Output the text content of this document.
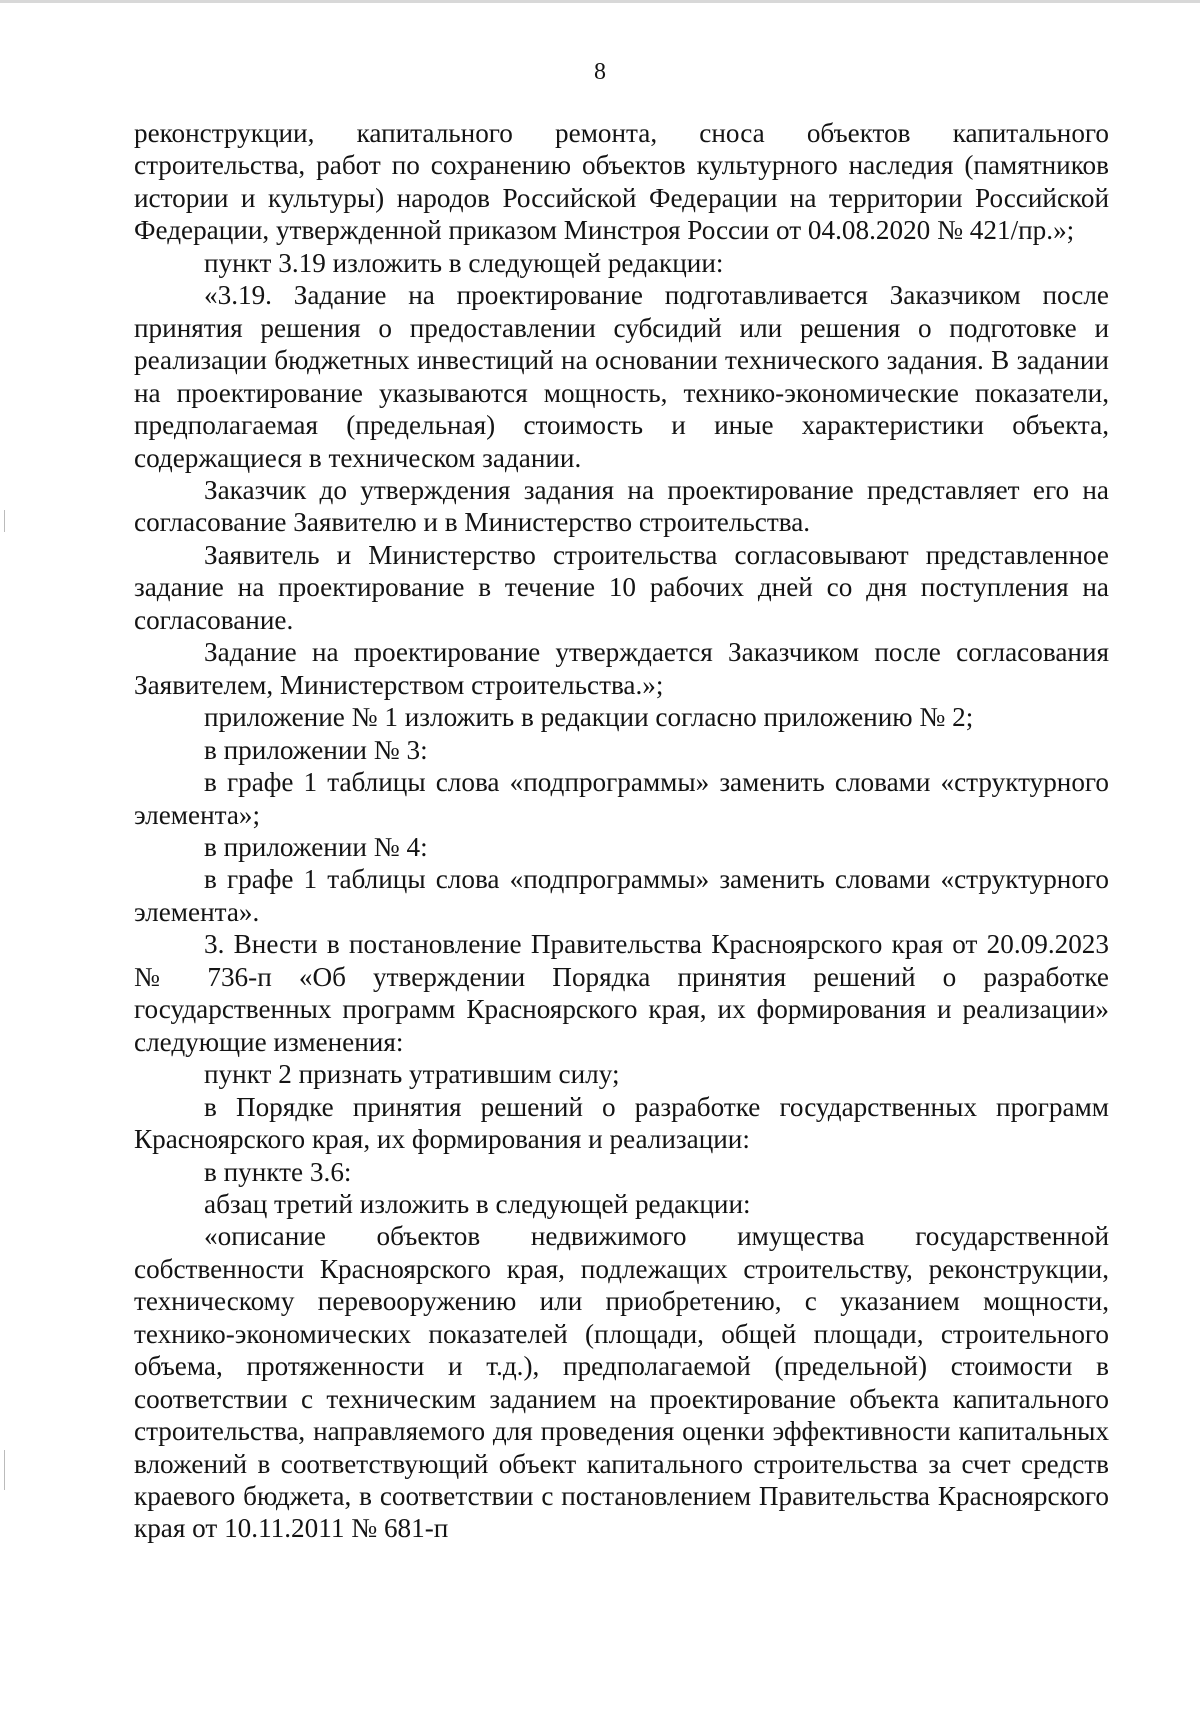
8

реконструкции, капитального ремонта, сноса объектов капитального строительства, работ по сохранению объектов культурного наследия (памятников истории и культуры) народов Российской Федерации на территории Российской Федерации, утвержденной приказом Минстроя России от 04.08.2020 № 421/пр.»;

пункт 3.19 изложить в следующей редакции:

«3.19. Задание на проектирование подготавливается Заказчиком после принятия решения о предоставлении субсидий или решения о подготовке и реализации бюджетных инвестиций на основании технического задания. В задании на проектирование указываются мощность, технико-экономические показатели, предполагаемая (предельная) стоимость и иные характеристики объекта, содержащиеся в техническом задании.

Заказчик до утверждения задания на проектирование представляет его на согласование Заявителю и в Министерство строительства.

Заявитель и Министерство строительства согласовывают представленное задание на проектирование в течение 10 рабочих дней со дня поступления на согласование.

Задание на проектирование утверждается Заказчиком после согласования Заявителем, Министерством строительства.»;

приложение № 1 изложить в редакции согласно приложению № 2;

в приложении № 3:

в графе 1 таблицы слова «подпрограммы» заменить словами «структурного элемента»;

в приложении № 4:

в графе 1 таблицы слова «подпрограммы» заменить словами «структурного элемента».

3. Внести в постановление Правительства Красноярского края от 20.09.2023 № 736-п «Об утверждении Порядка принятия решений о разработке государственных программ Красноярского края, их формирования и реализации» следующие изменения:

пункт 2 признать утратившим силу;

в Порядке принятия решений о разработке государственных программ Красноярского края, их формирования и реализации:

в пункте 3.6:

абзац третий изложить в следующей редакции:

«описание объектов недвижимого имущества государственной собственности Красноярского края, подлежащих строительству, реконструкции, техническому перевооружению или приобретению, с указанием мощности, технико-экономических показателей (площади, общей площади, строительного объема, протяженности и т.д.), предполагаемой (предельной) стоимости в соответствии с техническим заданием на проектирование объекта капитального строительства, направляемого для проведения оценки эффективности капитальных вложений в соответствующий объект капитального строительства за счет средств краевого бюджета, в соответствии с постановлением Правительства Красноярского края от 10.11.2011 № 681-п
